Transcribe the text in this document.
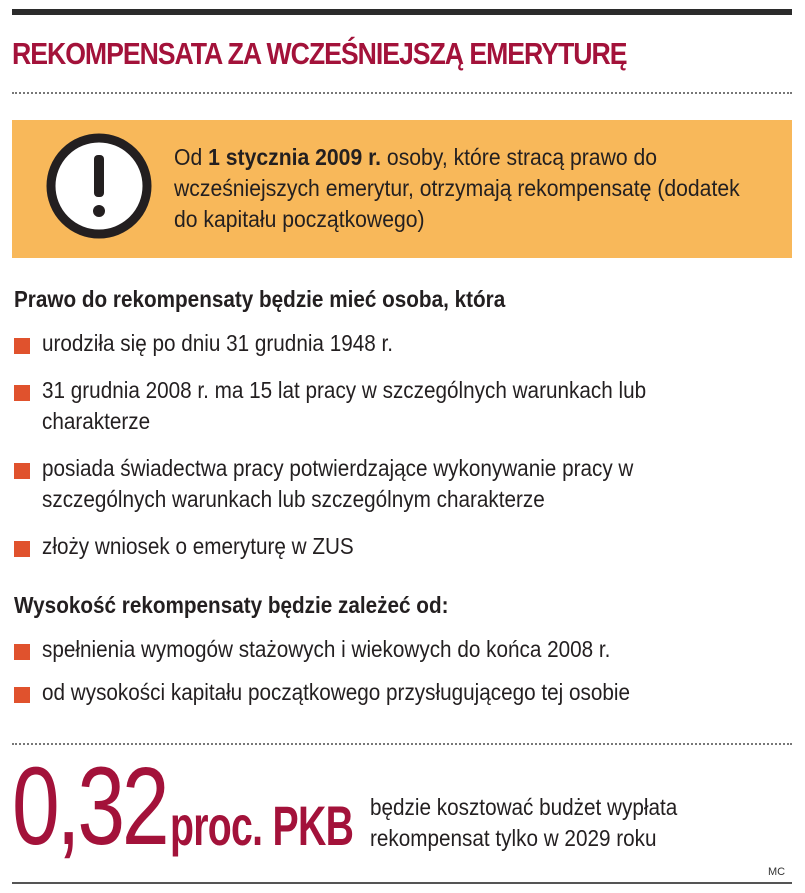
REKOMPENSATA ZA WCZEŚNIEJSZĄ EMERYTURĘ
Od 1 stycznia 2009 r. osoby, które stracą prawo do wcześniejszych emerytur, otrzymają rekompensatę (dodatek do kapitału początkowego)
Prawo do rekompensaty będzie mieć osoba, która
urodziła się po dniu 31 grudnia 1948 r.
31 grudnia 2008 r. ma 15 lat pracy w szczególnych warunkach lub charakterze
posiada świadectwa pracy potwierdzające wykonywanie pracy w szczególnych warunkach lub szczególnym charakterze
złoży wniosek o emeryturę w ZUS
Wysokość rekompensaty będzie zależeć od:
spełnienia wymogów stażowych i wiekowych do końca 2008 r.
od wysokości kapitału początkowego przysługującego tej osobie
0,32 proc. PKB będzie kosztować budżet wypłata rekompensat tylko w 2029 roku
MC
